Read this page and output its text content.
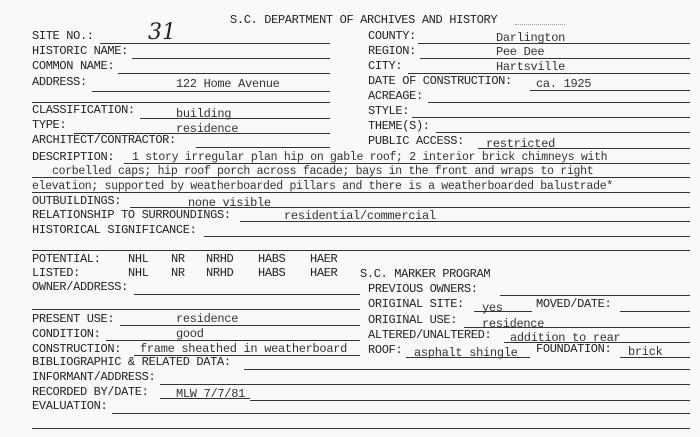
S.C. DEPARTMENT OF ARCHIVES AND HISTORY
SITE NO.: 31	COUNTY:	Darlington
HISTORIC NAME:	REGION:	Pee Dee
COMMON NAME:	CITY:	Hartsville
ADDRESS:	122 Home Avenue	DATE OF CONSTRUCTION: ca. 1925
ACREAGE:
CLASSIFICATION:	building	STYLE:
TYPE:	residence	THEME(S):
ARCHITECT/CONTRACTOR:	PUBLIC ACCESS: restricted
DESCRIPTION: 1 story irregular plan hip on gable roof; 2 interior brick chimneys with
corbelled caps; hip roof porch across facade; bays in the front and wraps to right
elevation; supported by weatherboarded pillars and there is a weatherboarded balustrade*
OUTBUILDINGS:	none visible
RELATIONSHIP TO SURROUNDINGS:	residential/commercial
HISTORICAL SIGNIFICANCE:
POTENTIAL: NHL NR NRHD HABS HAER
LISTED:	NHL NR NRHD HABS HAER S.C. MARKER PROGRAM
OWNER/ADDRESS:	PREVIOUS OWNERS:
ORIGINAL SITE: yes	MOVED/DATE:
PRESENT USE:	residence	ORIGINAL USE: residence
CONDITION:	good	ALTERED/UNALTERED: addition to rear
CONSTRUCTION: frame sheathed in weatherboard ROOF: asphalt shingle FOUNDATION: brick
BIBLIOGRAPHIC & RELATED DATA:
INFORMANT/ADDRESS:
RECORDED BY/DATE: MLW 7/7/81
EVALUATION:
